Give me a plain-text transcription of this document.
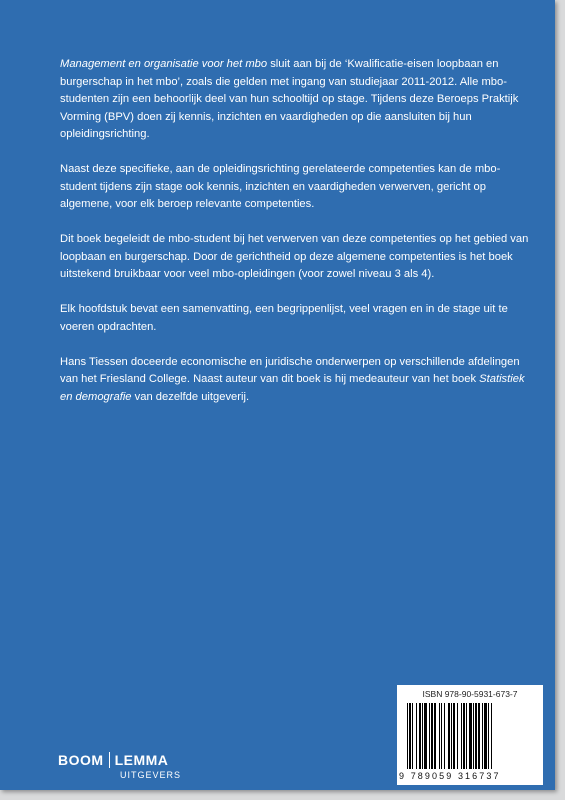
Management en organisatie voor het mbo sluit aan bij de ‘Kwalificatie-eisen loopbaan en burgerschap in het mbo’, zoals die gelden met ingang van studiejaar 2011-2012. Alle mbo-studenten zijn een behoorlijk deel van hun schooltijd op stage. Tijdens deze Beroeps Praktijk Vorming (BPV) doen zij kennis, inzichten en vaardigheden op die aansluiten bij hun opleidingsrichting.

Naast deze specifieke, aan de opleidingsrichting gerelateerde competenties kan de mbo-student tijdens zijn stage ook kennis, inzichten en vaardigheden verwerven, gericht op algemene, voor elk beroep relevante competenties.

Dit boek begeleidt de mbo-student bij het verwerven van deze competenties op het gebied van loopbaan en burgerschap. Door de gerichtheid op deze algemene competenties is het boek uitstekend bruikbaar voor veel mbo-opleidingen (voor zowel niveau 3 als 4).

Elk hoofdstuk bevat een samenvatting, een begrippenlijst, veel vragen en in de stage uit te voeren opdrachten.

Hans Tiessen doceerde economische en juridische onderwerpen op verschillende afdelingen van het Friesland College. Naast auteur van dit boek is hij medeauteur van het boek Statistiek en demografie van dezelfde uitgeverij.

ISBN 978-90-5931-673-7
9 789059 316737
BOOM LEMMA
UITGEVERS
